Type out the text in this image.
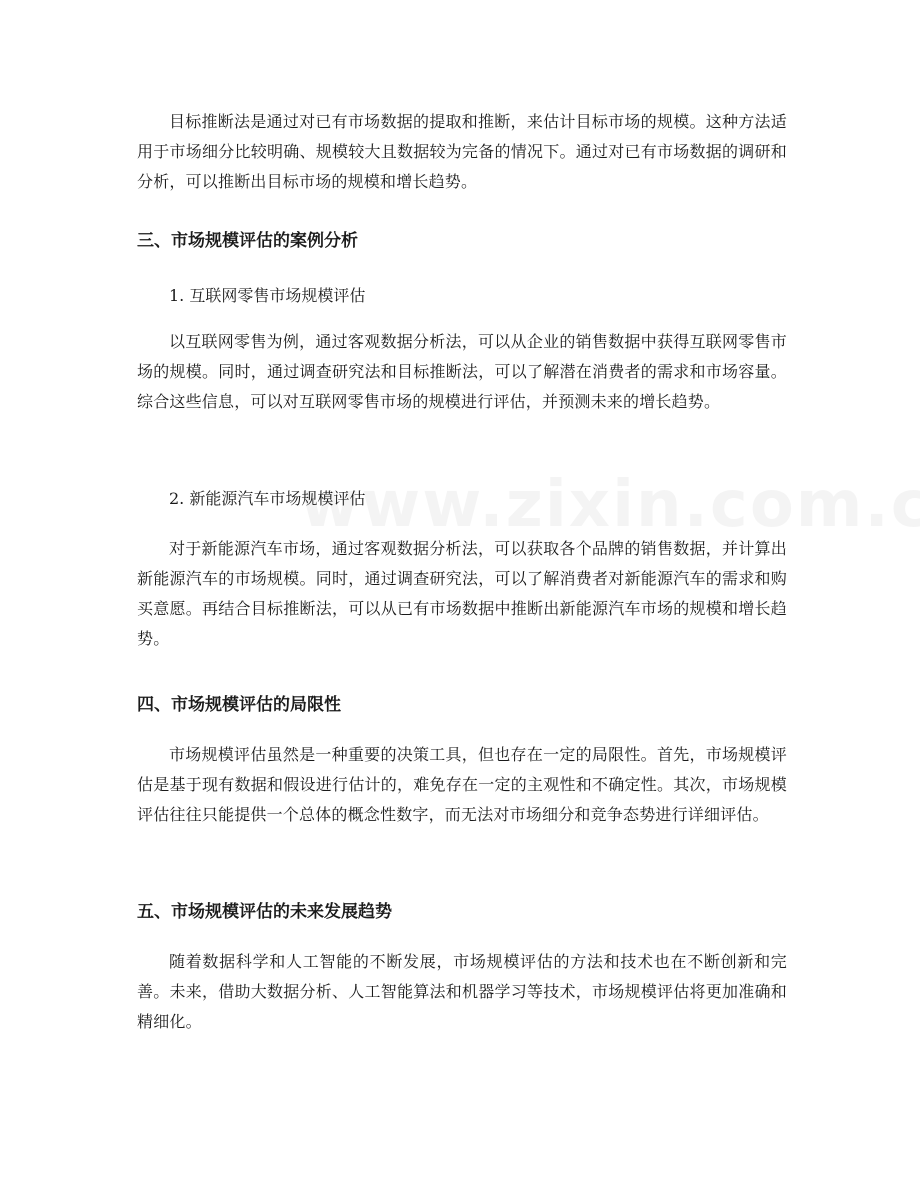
目标推断法是通过对已有市场数据的提取和推断，来估计目标市场的规模。这种方法适用于市场细分比较明确、规模较大且数据较为完备的情况下。通过对已有市场数据的调研和分析，可以推断出目标市场的规模和增长趋势。

三、市场规模评估的案例分析

1. 互联网零售市场规模评估

以互联网零售为例，通过客观数据分析法，可以从企业的销售数据中获得互联网零售市场的规模。同时，通过调查研究法和目标推断法，可以了解潜在消费者的需求和市场容量。综合这些信息，可以对互联网零售市场的规模进行评估，并预测未来的增长趋势。

2. 新能源汽车市场规模评估

对于新能源汽车市场，通过客观数据分析法，可以获取各个品牌的销售数据，并计算出新能源汽车的市场规模。同时，通过调查研究法，可以了解消费者对新能源汽车的需求和购买意愿。再结合目标推断法，可以从已有市场数据中推断出新能源汽车市场的规模和增长趋势。

四、市场规模评估的局限性

市场规模评估虽然是一种重要的决策工具，但也存在一定的局限性。首先，市场规模评估是基于现有数据和假设进行估计的，难免存在一定的主观性和不确定性。其次，市场规模评估往往只能提供一个总体的概念性数字，而无法对市场细分和竞争态势进行详细评估。

五、市场规模评估的未来发展趋势

随着数据科学和人工智能的不断发展，市场规模评估的方法和技术也在不断创新和完善。未来，借助大数据分析、人工智能算法和机器学习等技术，市场规模评估将更加准确和精细化。
